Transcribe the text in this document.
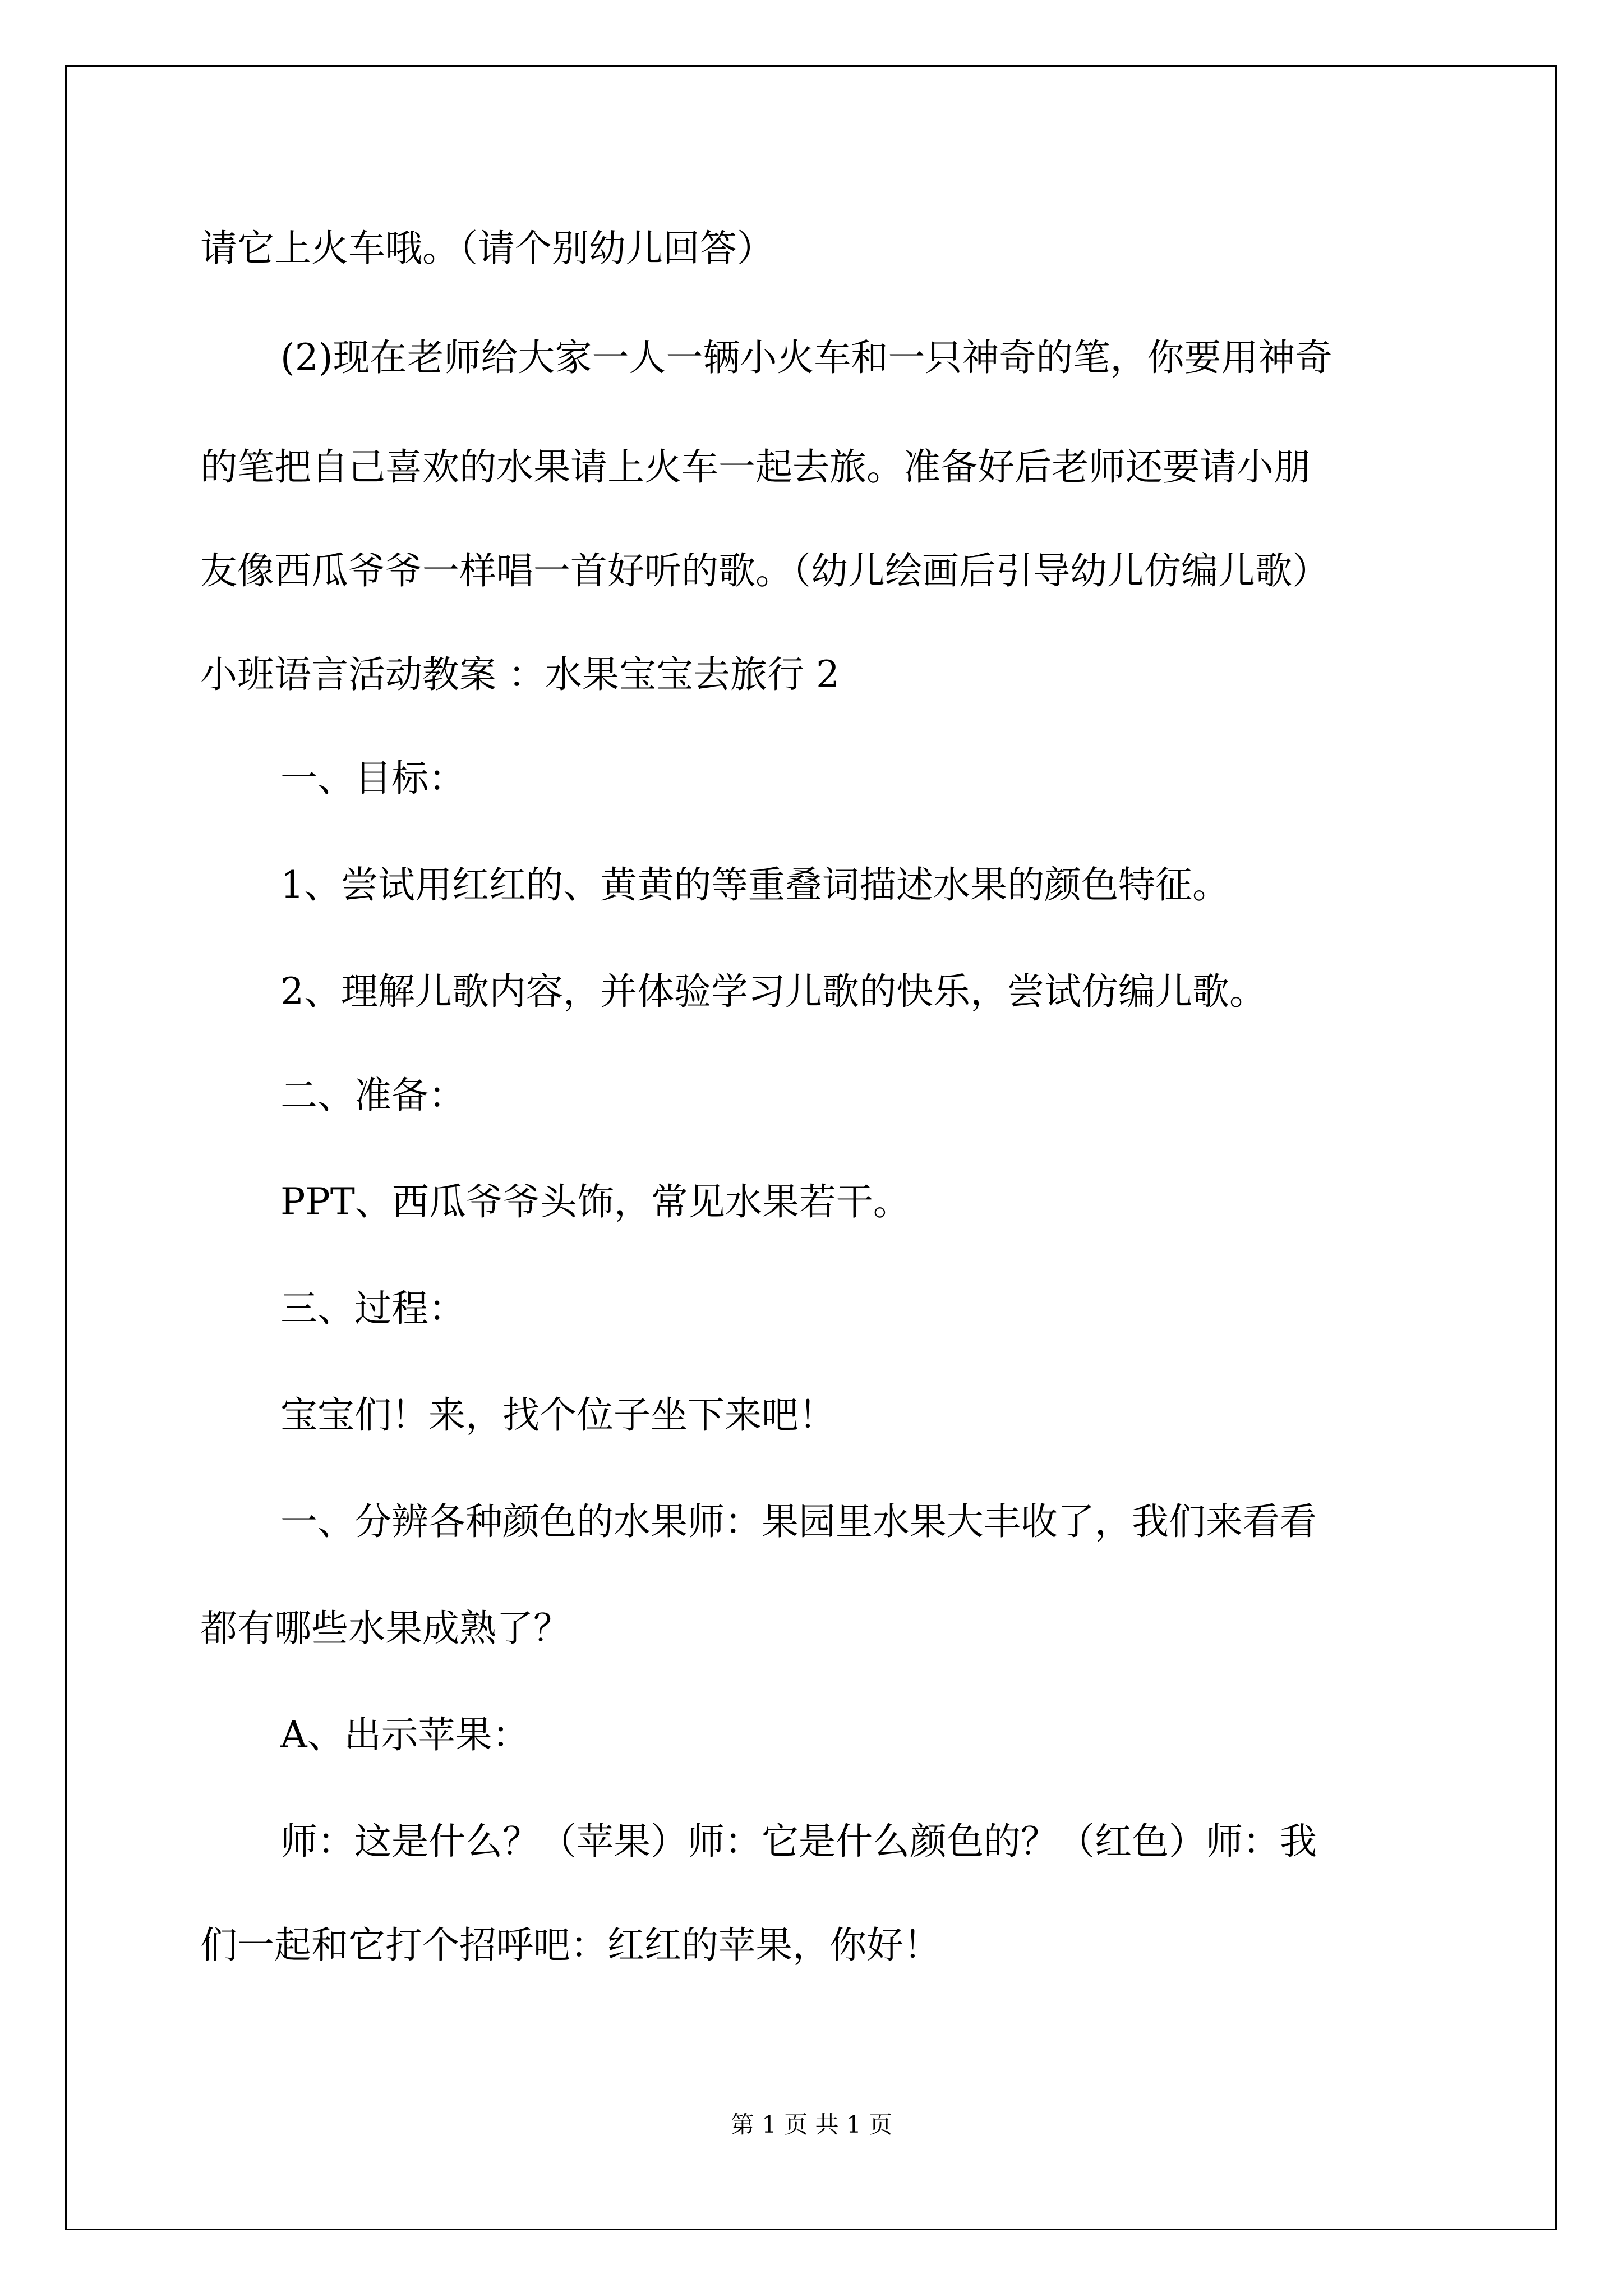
请它上火车哦。（请个别幼儿回答）

(2)现在老师给大家一人一辆小火车和一只神奇的笔，你要用神奇

的笔把自己喜欢的水果请上火车一起去旅。准备好后老师还要请小朋

友像西瓜爷爷一样唱一首好听的歌。（幼儿绘画后引导幼儿仿编儿歌）

小班语言活动教案 ：水果宝宝去旅行 2

一、目标：

1、尝试用红红的、黄黄的等重叠词描述水果的颜色特征。

2、理解儿歌内容，并体验学习儿歌的快乐，尝试仿编儿歌。

二、准备：

PPT、西瓜爷爷头饰，常见水果若干。

三、过程：

宝宝们！来，找个位子坐下来吧！

一、分辨各种颜色的水果师：果园里水果大丰收了，我们来看看

都有哪些水果成熟了？

A、出示苹果：

师：这是什么？（苹果）师：它是什么颜色的？（红色）师：我

们一起和它打个招呼吧：红红的苹果，你好！

第 1 页 共 1 页
